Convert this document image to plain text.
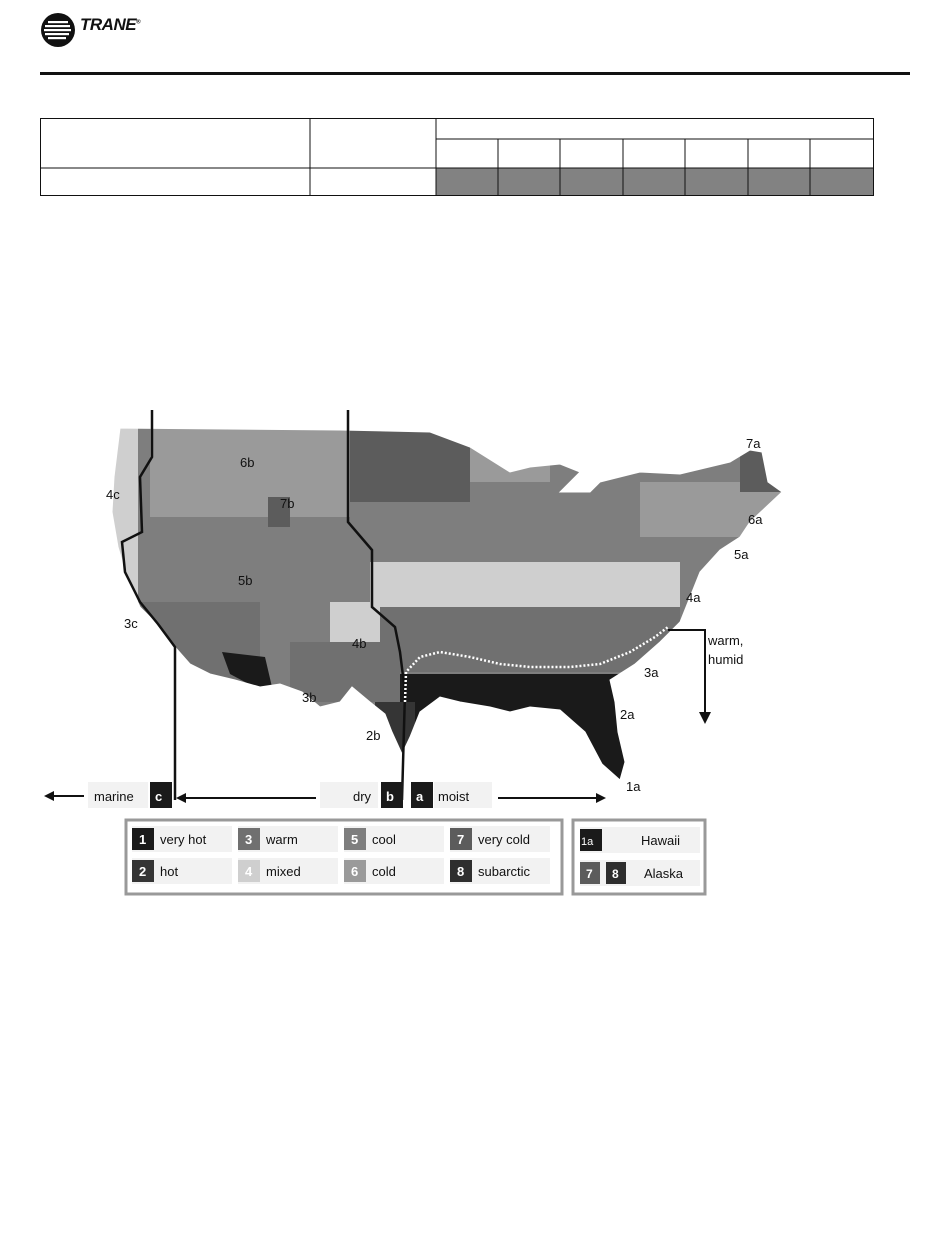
TRANE®
6b
7b
4c
5b
3c
4b
3b
2b
7a
6a
5a
4a
3a
2a
1a
warm,
humid
marine c	dry b a moist
1 very hot
2 hot
3 warm
4 mixed
5 cool
6 cold
7 very cold
8 subarctic
1a	Hawaii
7 8 Alaska
